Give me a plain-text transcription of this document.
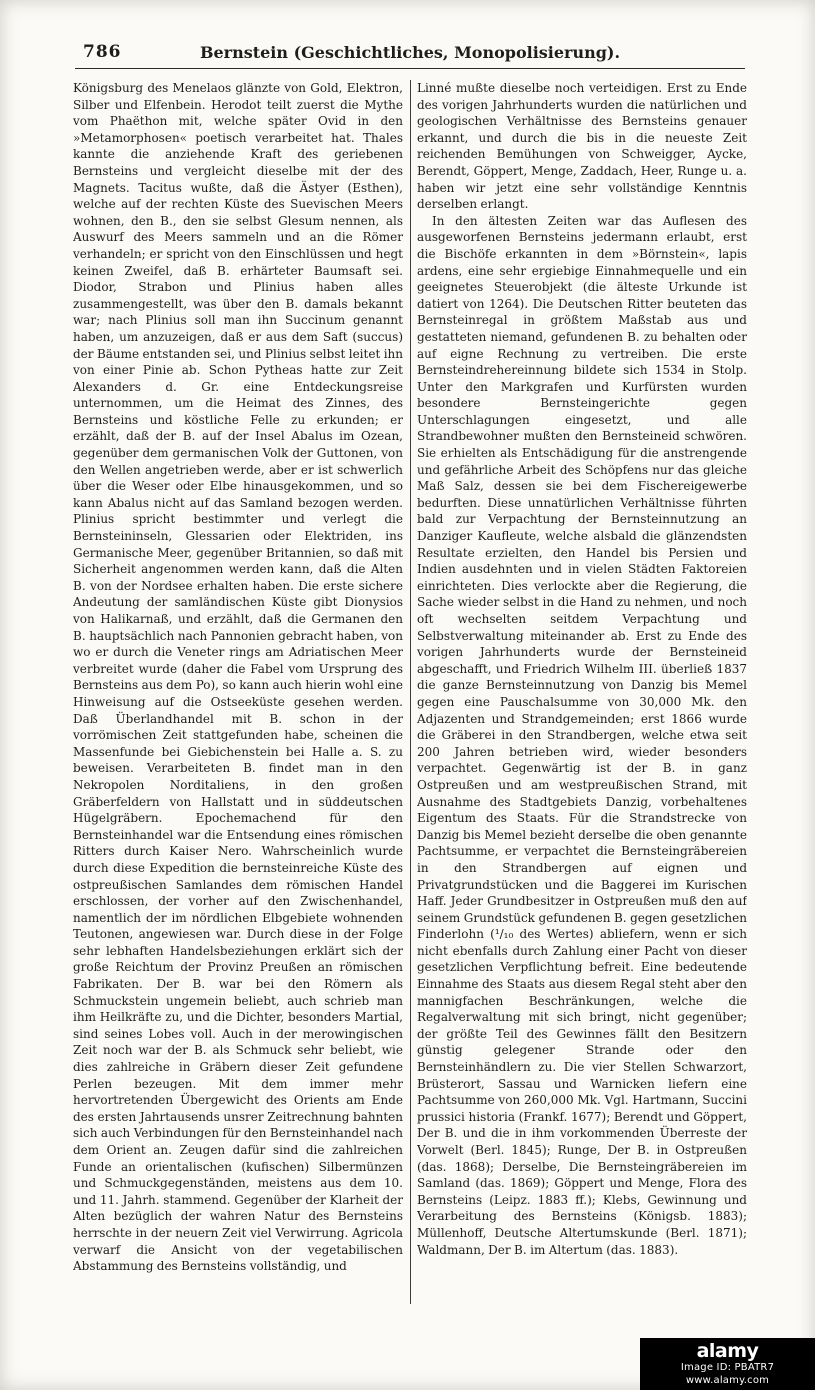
786	Bernstein (Geschichtliches, Monopolisierung).

Königsburg des Menelaos glänzte von Gold, Elektron, Silber und Elfenbein. Herodot teilt zuerst die Mythe vom Phaëthon mit, welche später Ovid in den »Metamorphosen« poetisch verarbeitet hat. Thales kannte die anziehende Kraft des geriebenen Bernsteins und vergleicht dieselbe mit der des Magnets. Tacitus wußte, daß die Ästyer (Esthen), welche auf der rechten Küste des Suevischen Meers wohnen, den B., den sie selbst Glesum nennen, als Auswurf des Meers sammeln und an die Römer verhandeln; er spricht von den Einschlüssen und hegt keinen Zweifel, daß B. erhärteter Baumsaft sei. Diodor, Strabon und Plinius haben alles zusammengestellt, was über den B. damals bekannt war; nach Plinius soll man ihn Succinum genannt haben, um anzuzeigen, daß er aus dem Saft (succus) der Bäume entstanden sei, und Plinius selbst leitet ihn von einer Pinie ab. Schon Pytheas hatte zur Zeit Alexanders d. Gr. eine Entdeckungsreise unternommen, um die Heimat des Zinnes, des Bernsteins und köstliche Felle zu erkunden; er erzählt, daß der B. auf der Insel Abalus im Ozean, gegenüber dem germanischen Volk der Guttonen, von den Wellen angetrieben werde, aber er ist schwerlich über die Weser oder Elbe hinausgekommen, und so kann Abalus nicht auf das Samland bezogen werden. Plinius spricht bestimmter und verlegt die Bernsteininseln, Glessarien oder Elektriden, ins Germanische Meer, gegenüber Britannien, so daß mit Sicherheit angenommen werden kann, daß die Alten B. von der Nordsee erhalten haben. Die erste sichere Andeutung der samländischen Küste gibt Dionysios von Halikarnaß, und erzählt, daß die Germanen den B. hauptsächlich nach Pannonien gebracht haben, von wo er durch die Veneter rings am Adriatischen Meer verbreitet wurde (daher die Fabel vom Ursprung des Bernsteins aus dem Po), so kann auch hierin wohl eine Hinweisung auf die Ostseeküste gesehen werden. Daß Überlandhandel mit B. schon in der vorrömischen Zeit stattgefunden habe, scheinen die Massenfunde bei Giebichenstein bei Halle a. S. zu beweisen. Verarbeiteten B. findet man in den Nekropolen Norditaliens, in den großen Gräberfeldern von Hallstatt und in süddeutschen Hügelgräbern. Epochemachend für den Bernsteinhandel war die Entsendung eines römischen Ritters durch Kaiser Nero. Wahrscheinlich wurde durch diese Expedition die bernsteinreiche Küste des ostpreußischen Samlandes dem römischen Handel erschlossen, der vorher auf den Zwischenhandel, namentlich der im nördlichen Elbgebiete wohnenden Teutonen, angewiesen war. Durch diese in der Folge sehr lebhaften Handelsbeziehungen erklärt sich der große Reichtum der Provinz Preußen an römischen Fabrikaten. Der B. war bei den Römern als Schmuckstein ungemein beliebt, auch schrieb man ihm Heilkräfte zu, und die Dichter, besonders Martial, sind seines Lobes voll. Auch in der merowingischen Zeit noch war der B. als Schmuck sehr beliebt, wie dies zahlreiche in Gräbern dieser Zeit gefundene Perlen bezeugen. Mit dem immer mehr hervortretenden Übergewicht des Orients am Ende des ersten Jahrtausends unsrer Zeitrechnung bahnten sich auch Verbindungen für den Bernsteinhandel nach dem Orient an. Zeugen dafür sind die zahlreichen Funde an orientalischen (kufischen) Silbermünzen und Schmuckgegenständen, meistens aus dem 10. und 11. Jahrh. stammend. Gegenüber der Klarheit der Alten bezüglich der wahren Natur des Bernsteins herrschte in der neuern Zeit viel Verwirrung. Agricola verwarf die Ansicht von der vegetabilischen Abstammung des Bernsteins vollständig, und

Linné mußte dieselbe noch verteidigen. Erst zu Ende des vorigen Jahrhunderts wurden die natürlichen und geologischen Verhältnisse des Bernsteins genauer erkannt, und durch die bis in die neueste Zeit reichenden Bemühungen von Schweigger, Aycke, Berendt, Göppert, Menge, Zaddach, Heer, Runge u. a. haben wir jetzt eine sehr vollständige Kenntnis derselben erlangt.

In den ältesten Zeiten war das Auflesen des ausgeworfenen Bernsteins jedermann erlaubt, erst die Bischöfe erkannten in dem »Börnstein«, lapis ardens, eine sehr ergiebige Einnahmequelle und ein geeignetes Steuerobjekt (die älteste Urkunde ist datiert von 1264). Die Deutschen Ritter beuteten das Bernsteinregal in größtem Maßstab aus und gestatteten niemand, gefundenen B. zu behalten oder auf eigne Rechnung zu vertreiben. Die erste Bernsteindrehereinnung bildete sich 1534 in Stolp. Unter den Markgrafen und Kurfürsten wurden besondere Bernsteingerichte gegen Unterschlagungen eingesetzt, und alle Strandbewohner mußten den Bernsteineid schwören. Sie erhielten als Entschädigung für die anstrengende und gefährliche Arbeit des Schöpfens nur das gleiche Maß Salz, dessen sie bei dem Fischereigewerbe bedurften. Diese unnatürlichen Verhältnisse führten bald zur Verpachtung der Bernsteinnutzung an Danziger Kaufleute, welche alsbald die glänzendsten Resultate erzielten, den Handel bis Persien und Indien ausdehnten und in vielen Städten Faktoreien einrichteten. Dies verlockte aber die Regierung, die Sache wieder selbst in die Hand zu nehmen, und noch oft wechselten seitdem Verpachtung und Selbstverwaltung miteinander ab. Erst zu Ende des vorigen Jahrhunderts wurde der Bernsteineid abgeschafft, und Friedrich Wilhelm III. überließ 1837 die ganze Bernsteinnutzung von Danzig bis Memel gegen eine Pauschalsumme von 30,000 Mk. den Adjazenten und Strandgemeinden; erst 1866 wurde die Gräberei in den Strandbergen, welche etwa seit 200 Jahren betrieben wird, wieder besonders verpachtet. Gegenwärtig ist der B. in ganz Ostpreußen und am westpreußischen Strand, mit Ausnahme des Stadtgebiets Danzig, vorbehaltenes Eigentum des Staats. Für die Strandstrecke von Danzig bis Memel bezieht derselbe die oben genannte Pachtsumme, er verpachtet die Bernsteingräbereien in den Strandbergen auf eignen und Privatgrundstücken und die Baggerei im Kurischen Haff. Jeder Grundbesitzer in Ostpreußen muß den auf seinem Grundstück gefundenen B. gegen gesetzlichen Finderlohn (¹/₁₀ des Wertes) abliefern, wenn er sich nicht ebenfalls durch Zahlung einer Pacht von dieser gesetzlichen Verpflichtung befreit. Eine bedeutende Einnahme des Staats aus diesem Regal steht aber den mannigfachen Beschränkungen, welche die Regalverwaltung mit sich bringt, nicht gegenüber; der größte Teil des Gewinnes fällt den Besitzern günstig gelegener Strande oder den Bernsteinhändlern zu. Die vier Stellen Schwarzort, Brüsterort, Sassau und Warnicken liefern eine Pachtsumme von 260,000 Mk. Vgl. Hartmann, Succini prussici historia (Frankf. 1677); Berendt und Göppert, Der B. und die in ihm vorkommenden Überreste der Vorwelt (Berl. 1845); Runge, Der B. in Ostpreußen (das. 1868); Derselbe, Die Bernsteingräbereien im Samland (das. 1869); Göppert und Menge, Flora des Bernsteins (Leipz. 1883 ff.); Klebs, Gewinnung und Verarbeitung des Bernsteins (Königsb. 1883); Müllenhoff, Deutsche Altertumskunde (Berl. 1871); Waldmann, Der B. im Altertum (das. 1883).

alamy
Image ID: PBATR7
www.alamy.com
